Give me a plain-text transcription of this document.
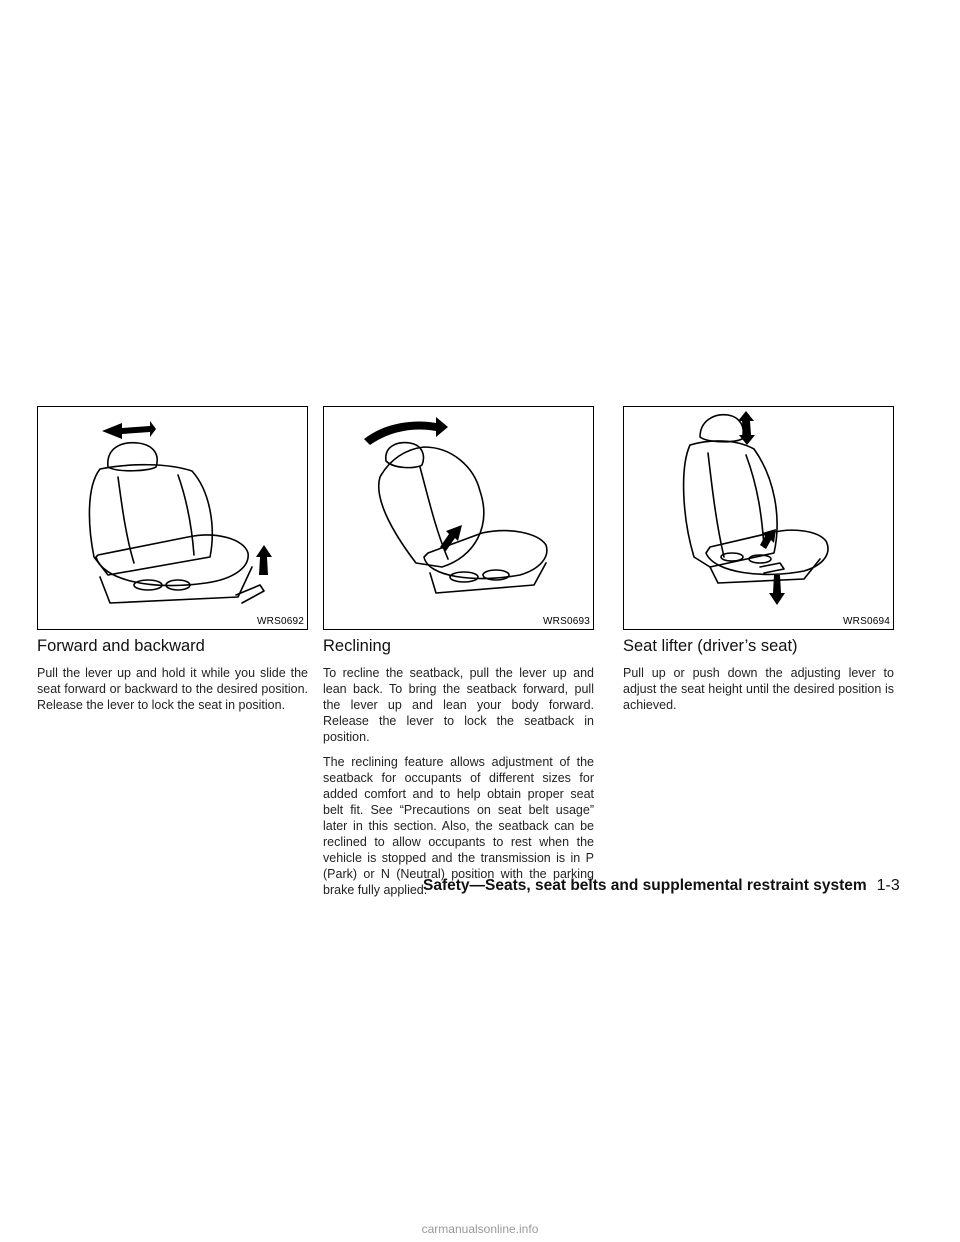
WRS0692
Forward and backward

Pull the lever up and hold it while you slide the seat forward or backward to the desired position. Release the lever to lock the seat in position.

WRS0693
Reclining

To recline the seatback, pull the lever up and lean back. To bring the seatback forward, pull the lever up and lean your body forward. Release the lever to lock the seatback in position.

The reclining feature allows adjustment of the seatback for occupants of different sizes for added comfort and to help obtain proper seat belt fit. See “Precautions on seat belt usage” later in this section. Also, the seatback can be reclined to allow occupants to rest when the vehicle is stopped and the transmission is in P (Park) or N (Neutral) position with the parking brake fully applied.

WRS0694
Seat lifter (driver’s seat)

Pull up or push down the adjusting lever to adjust the seat height until the desired position is achieved.

Safety—Seats, seat belts and supplemental restraint system 1-3
carmanualsonline.info
